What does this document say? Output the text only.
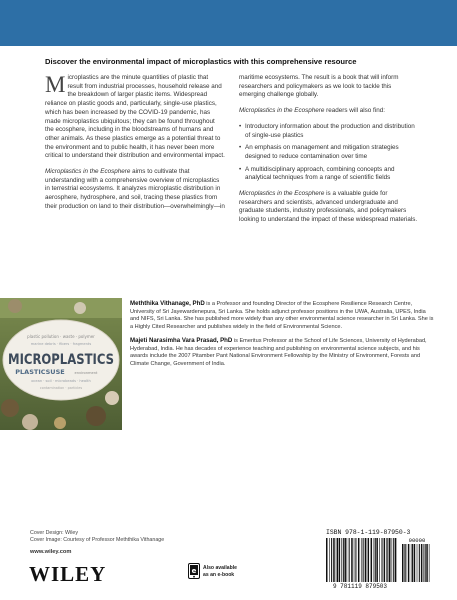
Discover the environmental impact of microplastics with this comprehensive resource

Microplastics are the minute quantities of plastic that result from industrial processes, household release and the breakdown of larger plastic items. Widespread reliance on plastic goods and, particularly, single-use plastics, which has been increased by the COVID-19 pandemic, has made microplastics ubiquitous; they can be found throughout the ecosphere, including in the bloodstreams of humans and other animals. As these plastics emerge as a potential threat to the environment and to public health, it has never been more critical to understand their distribution and environmental impact.

Microplastics in the Ecosphere aims to cultivate that understanding with a comprehensive overview of microplastics in terrestrial ecosystems. It analyzes microplastic distribution in aerosphere, hydrosphere, and soil, tracing these plastics from their production on land to their distribution—overwhelmingly—in

maritime ecosystems. The result is a book that will inform researchers and policymakers as we look to tackle this emerging challenge globally.

Microplastics in the Ecosphere readers will also find:

• Introductory information about the production and distribution of single-use plastics
• An emphasis on management and mitigation strategies designed to reduce contamination over time
• A multidisciplinary approach, combining concepts and analytical techniques from a range of scientific fields

Microplastics in the Ecosphere is a valuable guide for researchers and scientists, advanced undergraduate and graduate students, industry professionals, and policymakers looking to understand the impact of these widespread materials.

plastic pollution · waste · polymer
marine debris · fibers · fragments
MICROPLASTICS
PLASTICSUSE	environment
ocean · soil · microbeads · health
contamination · particles

Meththika Vithanage, PhD is a Professor and founding Director of the Ecosphere Resilience Research Centre, University of Sri Jayewardenepura, Sri Lanka. She holds adjunct professor positions in the UWA, Australia, UPES, India and NIFS, Sri Lanka. She has published more widely than any other environmental science researcher in Sri Lanka. She is a Highly Cited Researcher and publishes widely in the field of Environmental Science.

Majeti Narasimha Vara Prasad, PhD is Emeritus Professor at the School of Life Sciences, University of Hyderabad, Hyderabad, India. He has decades of experience teaching and publishing on environmental science subjects, and his awards include the 2007 Pitamber Pant National Environment Fellowship by the Ministry of Environment, Forests and Climate Change, Government of India.

Cover Design: Wiley
Cover Image: Courtesy of Professor Meththika Vithanage
www.wiley.com
WILEY	e Also available
as an e-book
ISBN 978-1-119-87950-3
9 781119 879503
90000
